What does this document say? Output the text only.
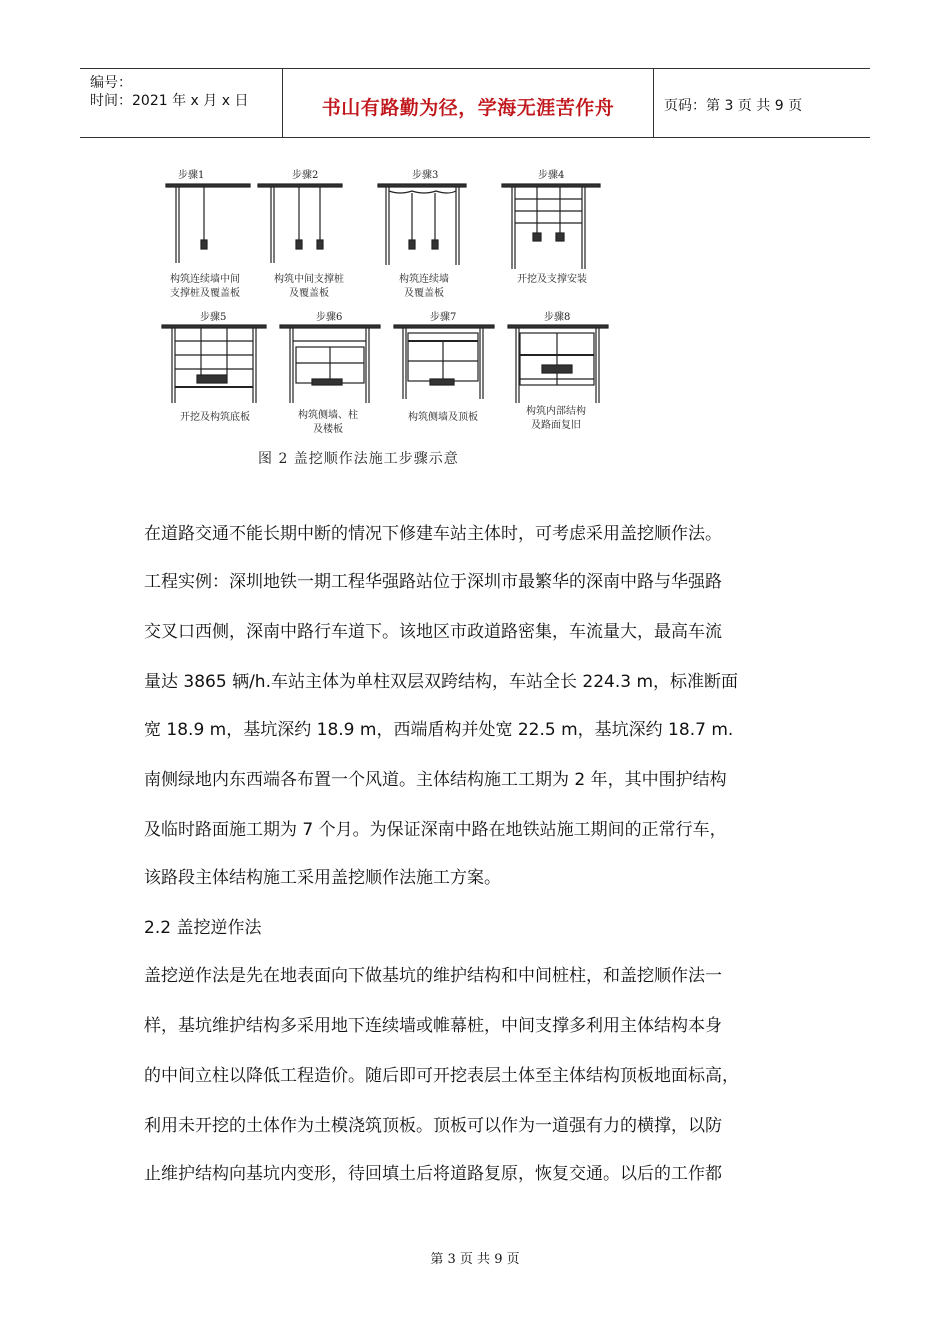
编号：
时间：2021 年 x 月 x 日	书山有路勤为径，学海无涯苦作舟	页码：第 3 页 共 9 页
步骤1	步骤2	步骤3	步骤4
步骤5	步骤6	步骤7	步骤8
构筑连续墙中间
支撑桩及覆盖板
构筑中间支撑桩
及覆盖板
构筑连续墙
及覆盖板
开挖及支撑安装
开挖及构筑底板	构筑侧墙、柱
及楼板
构筑侧墙及顶板
构筑内部结构
及路面复旧
图 2 盖挖顺作法施工步骤示意
在道路交通不能长期中断的情况下修建车站主体时，可考虑采用盖挖顺作法。
工程实例：深圳地铁一期工程华强路站位于深圳市最繁华的深南中路与华强路
交叉口西侧，深南中路行车道下。该地区市政道路密集，车流量大，最高车流
量达 3865 辆/h.车站主体为单柱双层双跨结构，车站全长 224.3 m，标准断面
宽 18.9 m，基坑深约 18.9 m，西端盾构并处宽 22.5 m，基坑深约 18.7 m.
南侧绿地内东西端各布置一个风道。主体结构施工工期为 2 年，其中围护结构
及临时路面施工期为 7 个月。为保证深南中路在地铁站施工期间的正常行车，
该路段主体结构施工采用盖挖顺作法施工方案。
2.2 盖挖逆作法
盖挖逆作法是先在地表面向下做基坑的维护结构和中间桩柱，和盖挖顺作法一
样，基坑维护结构多采用地下连续墙或帷幕桩，中间支撑多利用主体结构本身
的中间立柱以降低工程造价。随后即可开挖表层土体至主体结构顶板地面标高，
利用未开挖的土体作为土模浇筑顶板。顶板可以作为一道强有力的横撑，以防
止维护结构向基坑内变形，待回填土后将道路复原，恢复交通。以后的工作都
第 3 页 共 9 页
